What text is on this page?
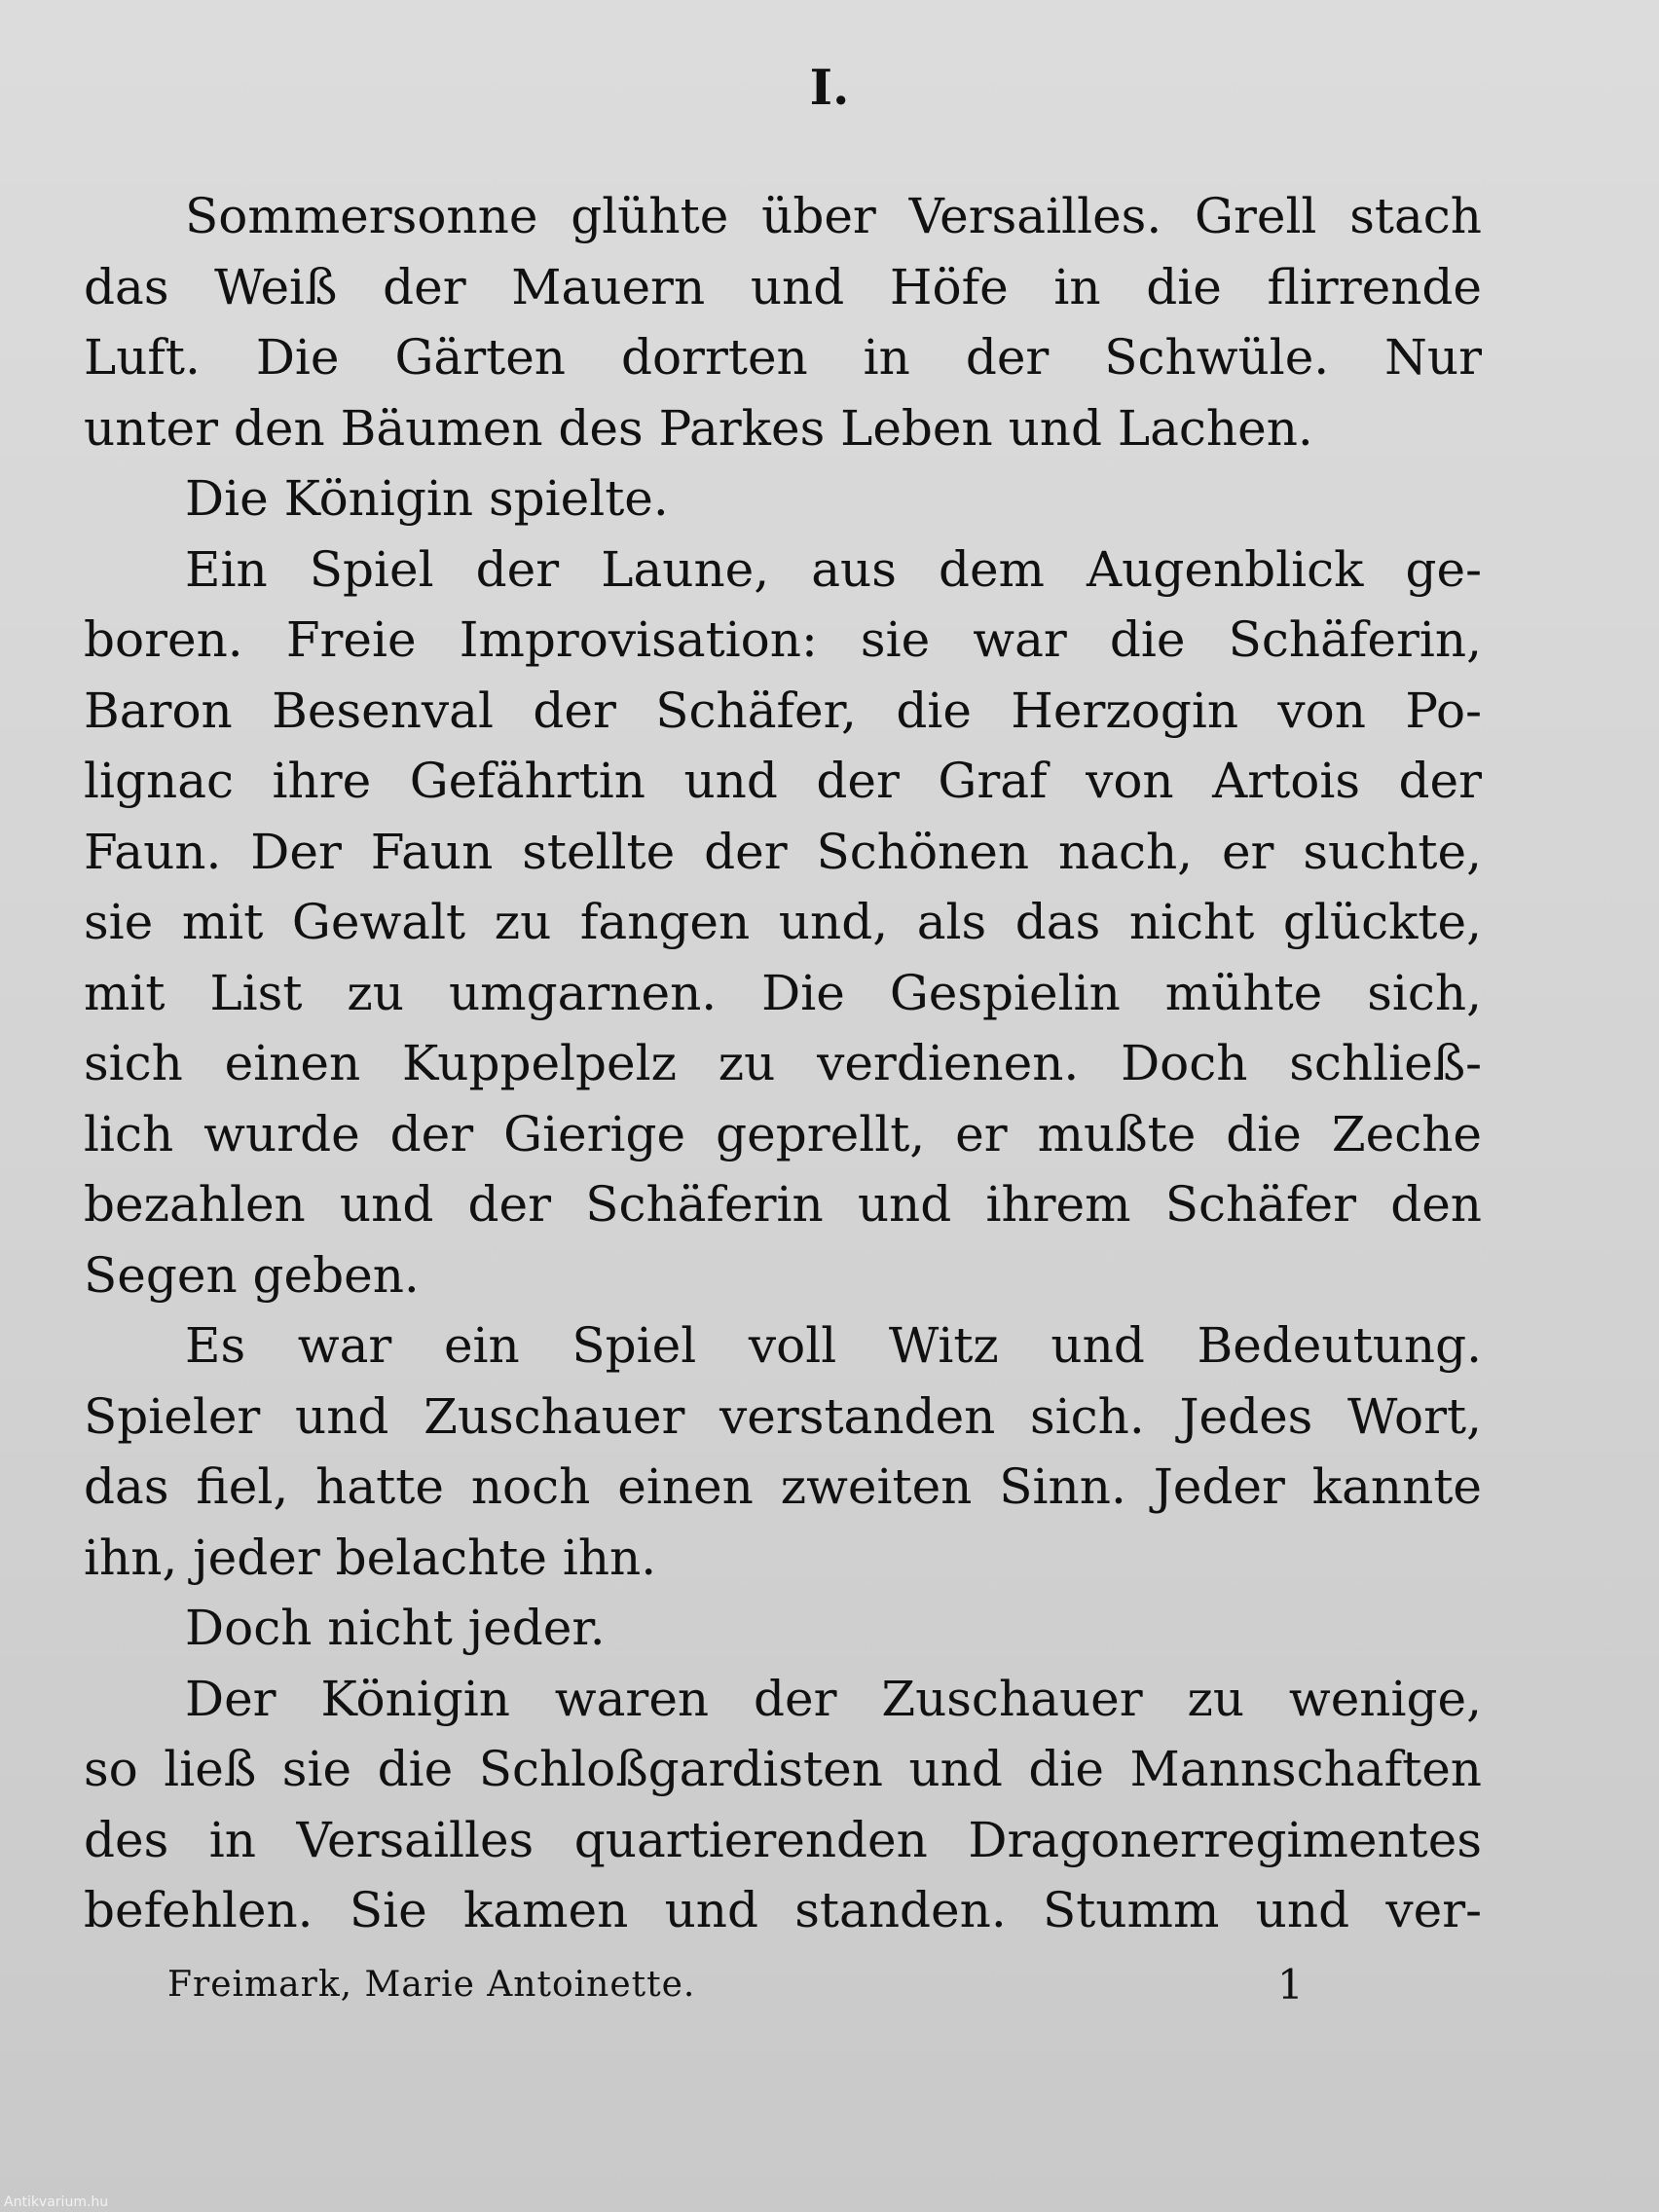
I.
Sommersonne glühte über Versailles. Grell stach
das Weiß der Mauern und Höfe in die flirrende
Luft. Die Gärten dorrten in der Schwüle. Nur
unter den Bäumen des Parkes Leben und Lachen.
Die Königin spielte.
Ein Spiel der Laune, aus dem Augenblick ge-
boren. Freie Improvisation: sie war die Schäferin,
Baron Besenval der Schäfer, die Herzogin von Po-
lignac ihre Gefährtin und der Graf von Artois der
Faun. Der Faun stellte der Schönen nach, er suchte,
sie mit Gewalt zu fangen und, als das nicht glückte,
mit List zu umgarnen. Die Gespielin mühte sich,
sich einen Kuppelpelz zu verdienen. Doch schließ-
lich wurde der Gierige geprellt, er mußte die Zeche
bezahlen und der Schäferin und ihrem Schäfer den
Segen geben.
Es war ein Spiel voll Witz und Bedeutung.
Spieler und Zuschauer verstanden sich. Jedes Wort,
das fiel, hatte noch einen zweiten Sinn. Jeder kannte
ihn, jeder belachte ihn.
Doch nicht jeder.
Der Königin waren der Zuschauer zu wenige,
so ließ sie die Schloßgardisten und die Mannschaften
des in Versailles quartierenden Dragonerregimentes
befehlen. Sie kamen und standen. Stumm und ver-
Freimark, Marie Antoinette.	1
Antikvarium.hu
